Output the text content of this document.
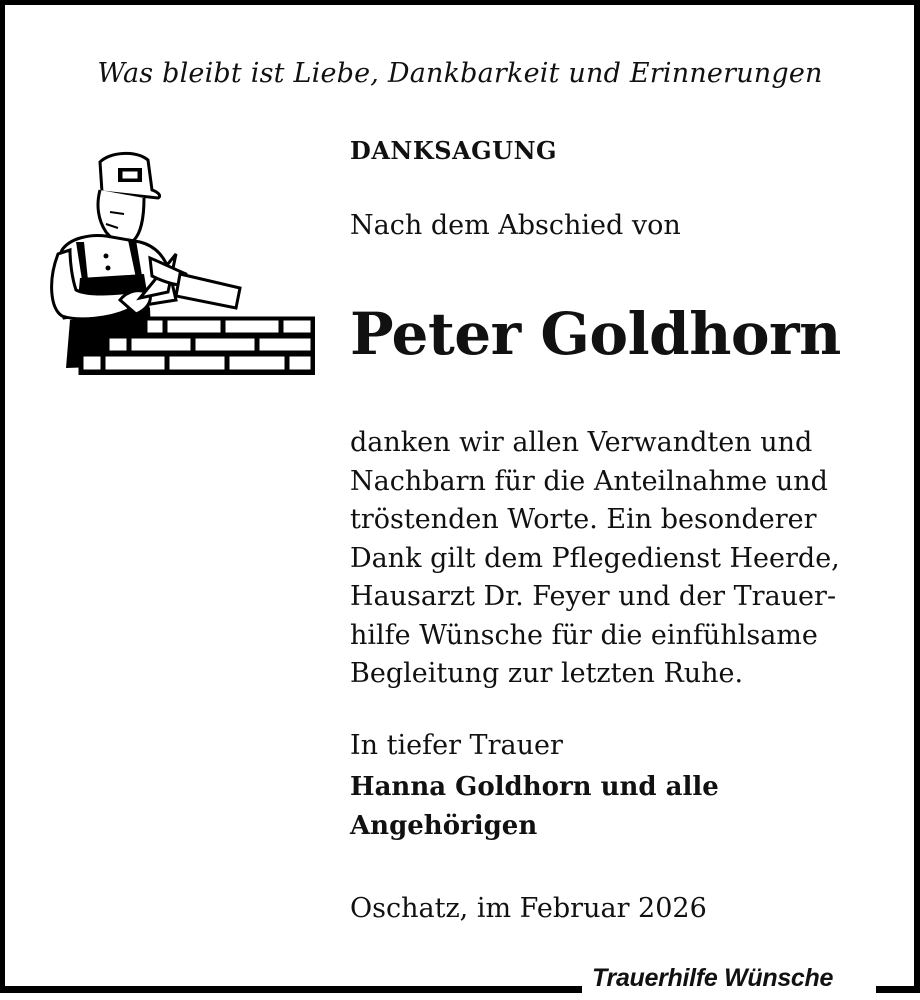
Was bleibt ist Liebe, Dankbarkeit und Erinnerungen
DANKSAGUNG
Nach dem Abschied von
Peter Goldhorn
danken wir allen Verwandten und
Nachbarn für die Anteilnahme und
tröstenden Worte. Ein besonderer
Dank gilt dem Pflegedienst Heerde,
Hausarzt Dr. Feyer und der Trauer-
hilfe Wünsche für die einfühlsame
Begleitung zur letzten Ruhe.
In tiefer Trauer
Hanna Goldhorn und alle
Angehörigen
Oschatz, im Februar 2026
Trauerhilfe Wünsche
